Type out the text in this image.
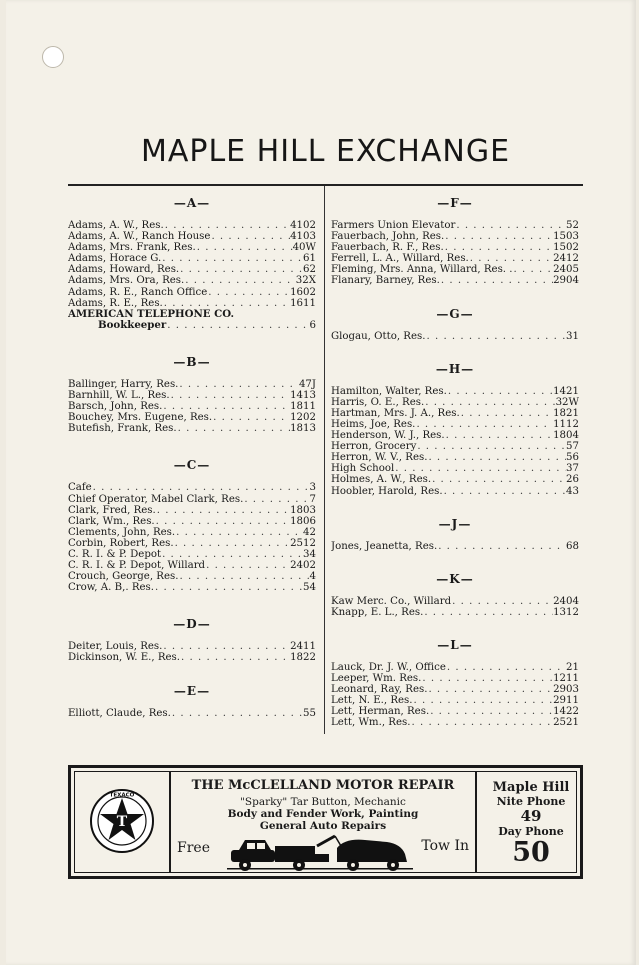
MAPLE HILL EXCHANGE
—A—
Adams, A. W., Res. . . .	4102
Adams, A. W., Ranch House . . .	4103
Adams, Mrs. Frank, Res. . . .	40W
Adams, Horace G. . . .	61
Adams, Howard, Res. . . .	62
Adams, Mrs. Ora, Res. . . .	32X
Adams, R. E., Ranch Office . . .	1602
Adams, R. E., Res. . . .	1611
AMERICAN TELEPHONE CO.
Bookkeeper . . .	6
—B—
Ballinger, Harry, Res. . . .	47J
Barnhill, W. L., Res. . . .	1413
Barsch, John, Res. . . .	1811
Bouchey, Mrs. Eugene, Res. . . .	1202
Butefish, Frank, Res. . . .	1813
—C—
Cafe . . .	3
Chief Operator, Mabel Clark, Res. . . .	7
Clark, Fred, Res. . . .	1803
Clark, Wm., Res. . . .	1806
Clements, John, Res. . . .	42
Corbin, Robert, Res. . . .	2512
C. R. I. & P. Depot . . .	34
C. R. I. & P. Depot, Willard . . .	2402
Crouch, George, Res. . . .	4
Crow, A. B,. Res. . . .	54
—D—
Deiter, Louis, Res. . . .	2411
Dickinson, W. E., Res. . . .	1822
—E—
Elliott, Claude, Res. . . .	55
—F—
Farmers Union Elevator . . .	52
Fauerbach, John, Res. . . .	1503
Fauerbach, R. F., Res. . . .	1502
Ferrell, L. A., Willard, Res. . . .	2412
Fleming, Mrs. Anna, Willard, Res. . . . .	2405
Flanary, Barney, Res. . . .	2904
—G—
Glogau, Otto, Res. . . .	31
—H—
Hamilton, Walter, Res. . . .	1421
Harris, O. E., Res. . . .	32W
Hartman, Mrs. J. A., Res. . . .	1821
Heims, Joe, Res. . . .	1112
Henderson, W. J., Res. . . .	1804
Herron, Grocery . . .	57
Herron, W. V., Res. . . .	56
High School . . .	37
Holmes, A. W., Res. . . .	26
Hoobler, Harold, Res. . . .	43
—J—
Jones, Jeanetta, Res. . . .	68
—K—
Kaw Merc. Co., Willard . . .	2404
Knapp, E. L., Res. . . .	1312
—L—
Lauck, Dr. J. W., Office . . .	21
Leeper, Wm. Res. . . .	1211
Leonard, Ray, Res. . . .	2903
Lett, N. E., Res. . . .	2911
Lett, Herman, Res. . . .	1422
Lett, Wm., Res. . . .	2521
T
TEXACO
THE McCLELLAND MOTOR REPAIR
"Sparky" Tar Button, Mechanic
Body and Fender Work, Painting
General Auto Repairs
Free	Tow In
Maple Hill
Nite Phone
49
Day Phone
50
